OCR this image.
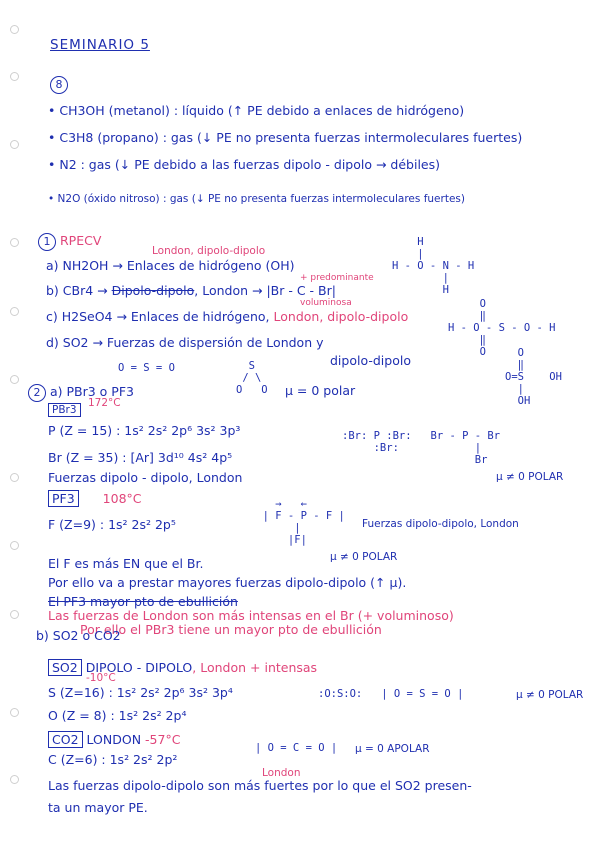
SEMINARIO 5
8
• CH3OH (metanol) : líquido (↑ PE debido a enlaces de hidrógeno)
• C3H8 (propano) : gas (↓ PE no presenta fuerzas intermoleculares fuertes)
• N2 : gas (↓ PE debido a las fuerzas dipolo - dipolo → débiles)
• N2O (óxido nitroso) : gas (↓ PE no presenta fuerzas intermoleculares fuertes)
1 RPECV
London, dipolo-dipolo
a) NH2OH → Enlaces de hidrógeno (OH)
+ predominante
b) CBr4 → Dipolo-dipolo, London → |Br - C - Br|
voluminosa
c) H2SeO4 → Enlaces de hidrógeno, London, dipolo-dipolo
d) SO2 → Fuerzas de dispersión de London y
dipolo-dipolo
H
|
H - O - N - H
|
H
O
‖
H - O - S - O - H
‖
O	O
‖
O=S    OH
|
OH
O = S = O	S
/ \
O   O
2 a) PBr3 o PF3	μ = 0 polar
172°C
PBr3
P (Z = 15) : 1s² 2s² 2p⁶ 3s² 3p³
Br (Z = 35) : [Ar] 3d¹⁰ 4s² 4p⁵
Fuerzas dipolo - dipolo, London
:Br: P :Br:   Br - P - Br
:Br:            |
Br
μ ≠ 0 POLAR
PF3 108°C
F (Z=9) : 1s² 2s² 2p⁵
→   ←
| F - P - F |
|
|F|
Fuerzas dipolo-dipolo, London
μ ≠ 0 POLAR
El F es más EN que el Br.
Por ello va a prestar mayores fuerzas dipolo-dipolo (↑ μ).
El PF3 mayor pto de ebullición
Las fuerzas de London son más intensas en el Br (+ voluminoso)
Por ello el PBr3 tiene un mayor pto de ebullición
b) SO2 o CO2
SO2 DIPOLO - DIPOLO, London + intensas
-10°C
S (Z=16) : 1s² 2s² 2p⁶ 3s² 3p⁴
O (Z = 8) : 1s² 2s² 2p⁴
:O:S:O:   | O = S = O |	μ ≠ 0 POLAR
CO2 LONDON -57°C
C (Z=6) : 1s² 2s² 2p²
| O = C = O | μ = 0 APOLAR
London
Las fuerzas dipolo-dipolo son más fuertes por lo que el SO2 presen-
ta un mayor PE.
